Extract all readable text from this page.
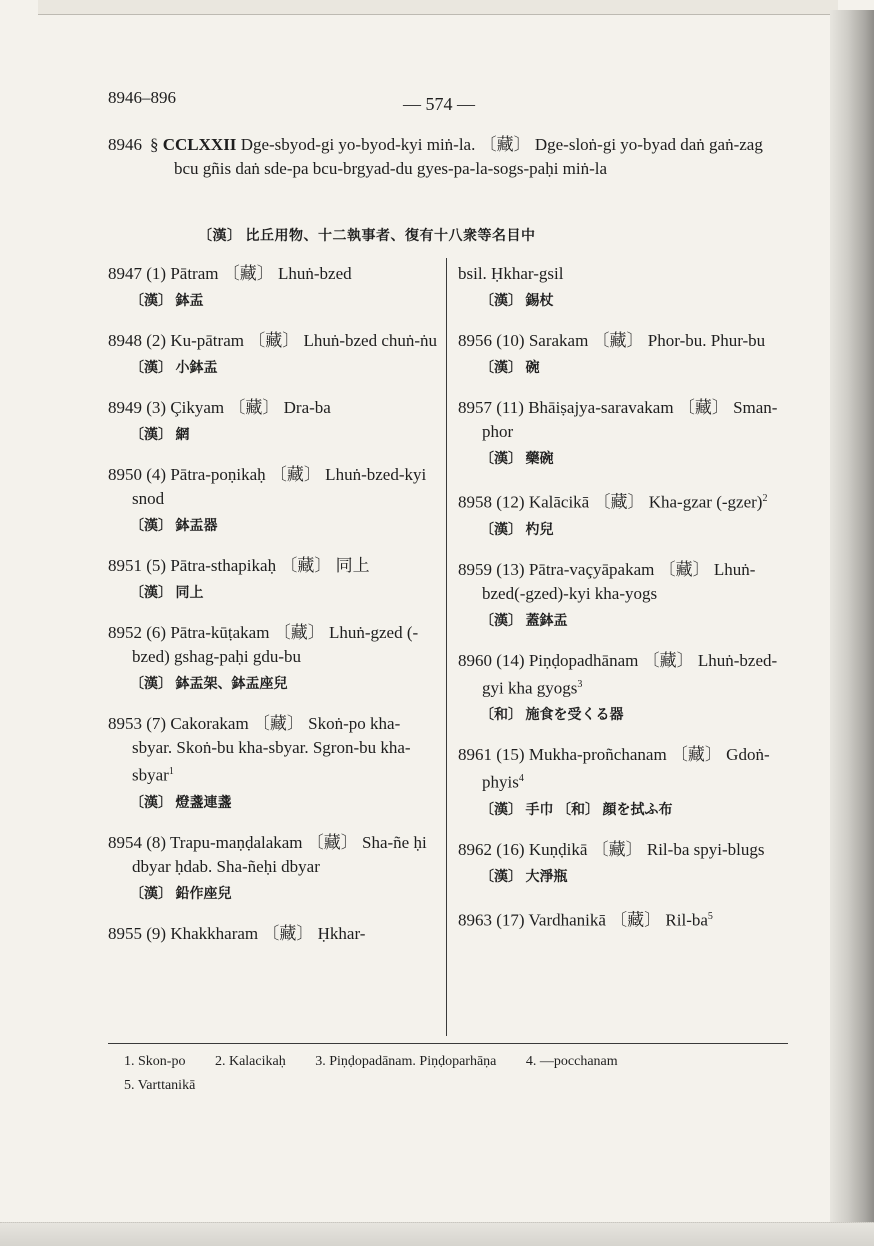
8946–896	— 574 —
8946 § CCLXXII Dge-sbyod-gi yo-byod-kyi miṅ-la. 〔藏〕 Dge-sloṅ-gi yo-byad daṅ gaṅ-zag bcu gñis daṅ sde-pa bcu-brgyad-du gyes-pa-la-sogs-paḥi miṅ-la
〔漢〕 比丘用物、十二執事者、復有十八衆等名目中

8947 (1) Pātram 〔藏〕 Lhuṅ-bzed

〔漢〕 鉢盂

8948 (2) Ku-pātram 〔藏〕 Lhuṅ-bzed chuṅ-ṅu

〔漢〕 小鉢盂

8949 (3) Çikyam 〔藏〕 Dra-ba

〔漢〕 網

8950 (4) Pātra-poṇikaḥ 〔藏〕 Lhuṅ-bzed-kyi snod

〔漢〕 鉢盂器

8951 (5) Pātra-sthapikaḥ 〔藏〕 同上

〔漢〕 同上

8952 (6) Pātra-kūṭakam 〔藏〕 Lhuṅ-gzed (-bzed) gshag-paḥi gdu-bu

〔漢〕 鉢盂架、鉢盂座兒

8953 (7) Cakorakam 〔藏〕 Skoṅ-po kha-sbyar. Skoṅ-bu kha-sbyar. Sgron-bu kha-sbyar$^1$

〔漢〕 燈盞連盞

8954 (8) Trapu-maṇḍalakam 〔藏〕 Sha-ñe ḥi dbyar ḥdab. Sha-ñeḥi dbyar

〔漢〕 鉛作座兒

8955 (9) Khakkharam 〔藏〕 Ḥkhar-

bsil. Ḥkhar-gsil

〔漢〕 錫杖

8956 (10) Sarakam 〔藏〕 Phor-bu. Phur-bu

〔漢〕 碗

8957 (11) Bhāiṣajya-saravakam 〔藏〕 Sman-phor

〔漢〕 藥碗

8958 (12) Kalācikā 〔藏〕 Kha-gzar (-gzer)$^2$

〔漢〕 杓兒

8959 (13) Pātra-vaçyāpakam 〔藏〕 Lhuṅ-bzed(-gzed)-kyi kha-yogs

〔漢〕 蓋鉢盂

8960 (14) Piṇḍopadhānam 〔藏〕 Lhuṅ-bzed-gyi kha gyogs$^3$

〔和〕 施食を受くる器

8961 (15) Mukha-proñchanam 〔藏〕 Gdoṅ-phyis$^4$

〔漢〕 手巾 〔和〕 顔を拭ふ布

8962 (16) Kuṇḍikā 〔藏〕 Ril-ba spyi-blugs

〔漢〕 大淨瓶

8963 (17) Vardhanikā 〔藏〕 Ril-$ba^5$

1. Skon-po 2. Kalacikaḥ 3. Piṇḍopadānam. Piṇḍoparhāṇa 4. —pocchanam
5. Varttanikā
